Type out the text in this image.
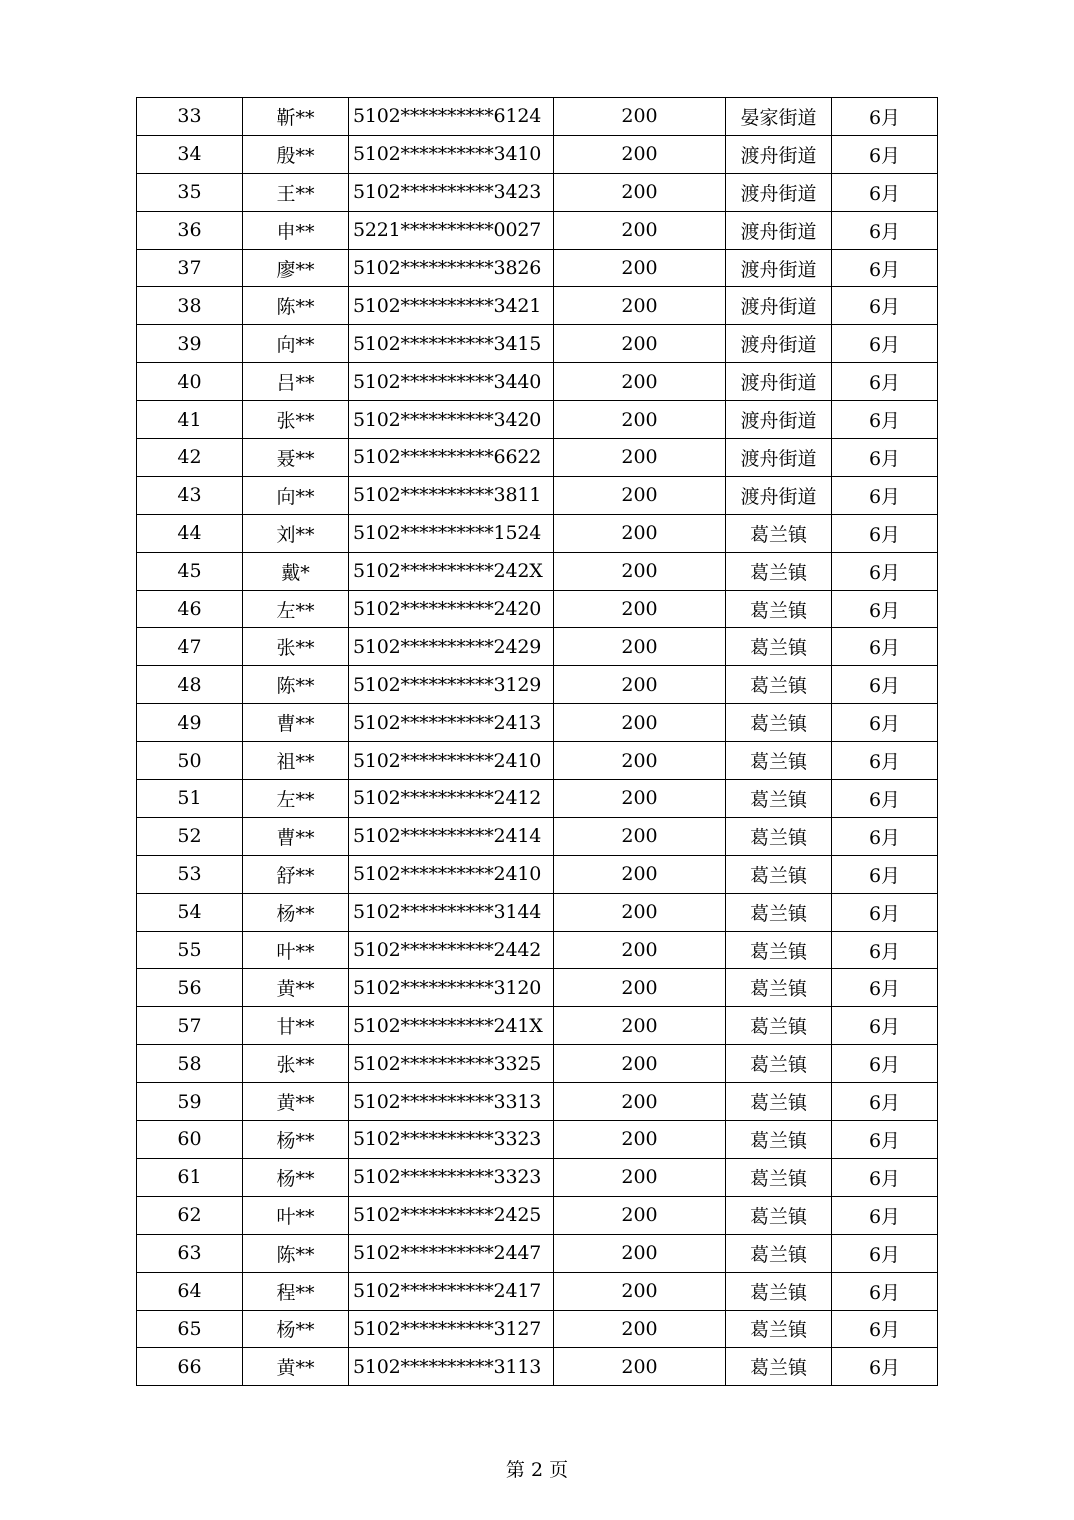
33	靳**	5102**********6124	200	晏家街道	6月
34	殷**	5102**********3410	200	渡舟街道	6月
35	王**	5102**********3423	200	渡舟街道	6月
36	申**	5221**********0027	200	渡舟街道	6月
37	廖**	5102**********3826	200	渡舟街道	6月
38	陈**	5102**********3421	200	渡舟街道	6月
39	向**	5102**********3415	200	渡舟街道	6月
40	吕**	5102**********3440	200	渡舟街道	6月
41	张**	5102**********3420	200	渡舟街道	6月
42	聂**	5102**********6622	200	渡舟街道	6月
43	向**	5102**********3811	200	渡舟街道	6月
44	刘**	5102**********1524	200	葛兰镇	6月
45	戴*	5102**********242X	200	葛兰镇	6月
46	左**	5102**********2420	200	葛兰镇	6月
47	张**	5102**********2429	200	葛兰镇	6月
48	陈**	5102**********3129	200	葛兰镇	6月
49	曹**	5102**********2413	200	葛兰镇	6月
50	祖**	5102**********2410	200	葛兰镇	6月
51	左**	5102**********2412	200	葛兰镇	6月
52	曹**	5102**********2414	200	葛兰镇	6月
53	舒**	5102**********2410	200	葛兰镇	6月
54	杨**	5102**********3144	200	葛兰镇	6月
55	叶**	5102**********2442	200	葛兰镇	6月
56	黄**	5102**********3120	200	葛兰镇	6月
57	甘**	5102**********241X	200	葛兰镇	6月
58	张**	5102**********3325	200	葛兰镇	6月
59	黄**	5102**********3313	200	葛兰镇	6月
60	杨**	5102**********3323	200	葛兰镇	6月
61	杨**	5102**********3323	200	葛兰镇	6月
62	叶**	5102**********2425	200	葛兰镇	6月
63	陈**	5102**********2447	200	葛兰镇	6月
64	程**	5102**********2417	200	葛兰镇	6月
65	杨**	5102**********3127	200	葛兰镇	6月
66	黄**	5102**********3113	200	葛兰镇	6月
第 2 页
